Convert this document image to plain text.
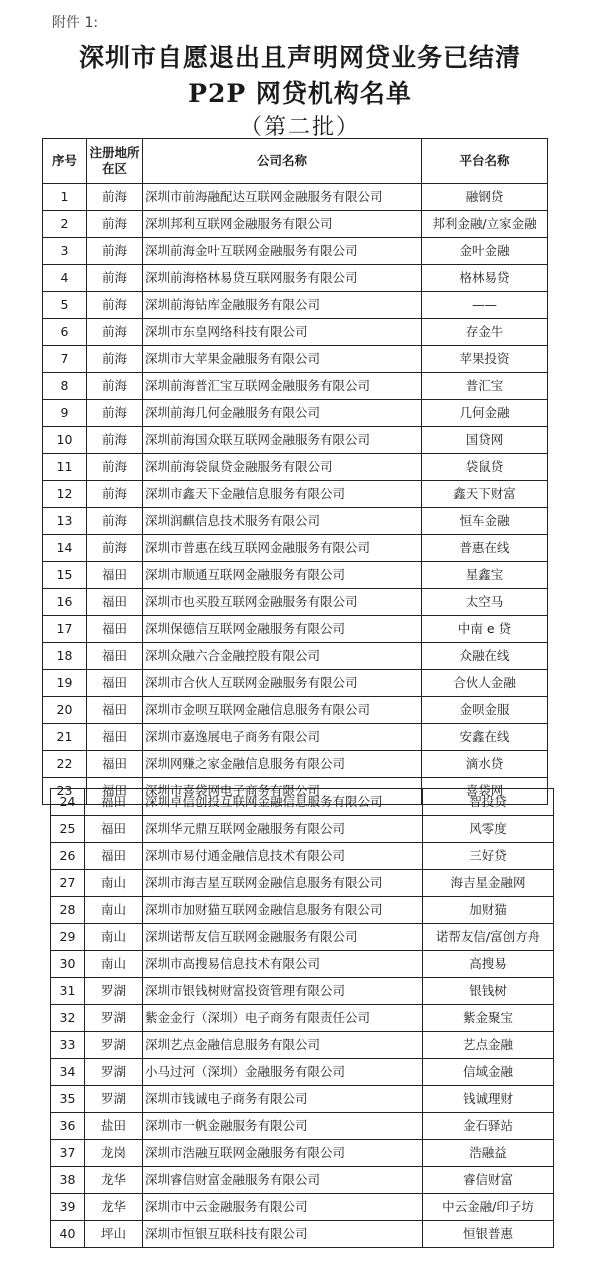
附件 1:
深圳市自愿退出且声明网贷业务已结清
P2P 网贷机构名单
（第二批）
序号	注册地所在区	公司名称	平台名称
1	前海	深圳市前海融配达互联网金融服务有限公司	融钢贷
2	前海	深圳邦利互联网金融服务有限公司	邦利金融/立家金融
3	前海	深圳前海金叶互联网金融服务有限公司	金叶金融
4	前海	深圳前海格林易贷互联网服务有限公司	格林易贷
5	前海	深圳前海钻库金融服务有限公司	——
6	前海	深圳市东皇网络科技有限公司	存金牛
7	前海	深圳市大苹果金融服务有限公司	苹果投资
8	前海	深圳前海普汇宝互联网金融服务有限公司	普汇宝
9	前海	深圳前海几何金融服务有限公司	几何金融
10	前海	深圳前海国众联互联网金融服务有限公司	国贷网
11	前海	深圳前海袋鼠贷金融服务有限公司	袋鼠贷
12	前海	深圳市鑫天下金融信息服务有限公司	鑫天下财富
13	前海	深圳润麒信息技术服务有限公司	恒车金融
14	前海	深圳市普惠在线互联网金融服务有限公司	普惠在线
15	福田	深圳市顺通互联网金融服务有限公司	星鑫宝
16	福田	深圳市也买股互联网金融服务有限公司	太空马
17	福田	深圳保德信互联网金融服务有限公司	中南 e 贷
18	福田	深圳众融六合金融控股有限公司	众融在线
19	福田	深圳市合伙人互联网金融服务有限公司	合伙人金融
20	福田	深圳市金呗互联网金融信息服务有限公司	金呗金服
21	福田	深圳市嘉逸展电子商务有限公司	安鑫在线
22	福田	深圳网赚之家金融信息服务有限公司	滴水贷
23	福田	深圳市喜袋网电子商务有限公司	喜袋网
24	福田	深圳卓信创投互联网金融信息服务有限公司	智投贷
25	福田	深圳华元鼎互联网金融服务有限公司	风零度
26	福田	深圳市易付通金融信息技术有限公司	三好贷
27	南山	深圳市海吉星互联网金融信息服务有限公司	海吉星金融网
28	南山	深圳市加财猫互联网金融信息服务有限公司	加财猫
29	南山	深圳诺帮友信互联网金融服务有限公司	诺帮友信/富创方舟
30	南山	深圳市高搜易信息技术有限公司	高搜易
31	罗湖	深圳市银钱树财富投资管理有限公司	银钱树
32	罗湖	紫金金行（深圳）电子商务有限责任公司	紫金聚宝
33	罗湖	深圳艺点金融信息服务有限公司	艺点金融
34	罗湖	小马过河（深圳）金融服务有限公司	信域金融
35	罗湖	深圳市钱诚电子商务有限公司	钱诚理财
36	盐田	深圳市一帆金融服务有限公司	金石驿站
37	龙岗	深圳市浩融互联网金融服务有限公司	浩融益
38	龙华	深圳睿信财富金融服务有限公司	睿信财富
39	龙华	深圳市中云金融服务有限公司	中云金融/印子坊
40	坪山	深圳市恒银互联科技有限公司	恒银普惠
